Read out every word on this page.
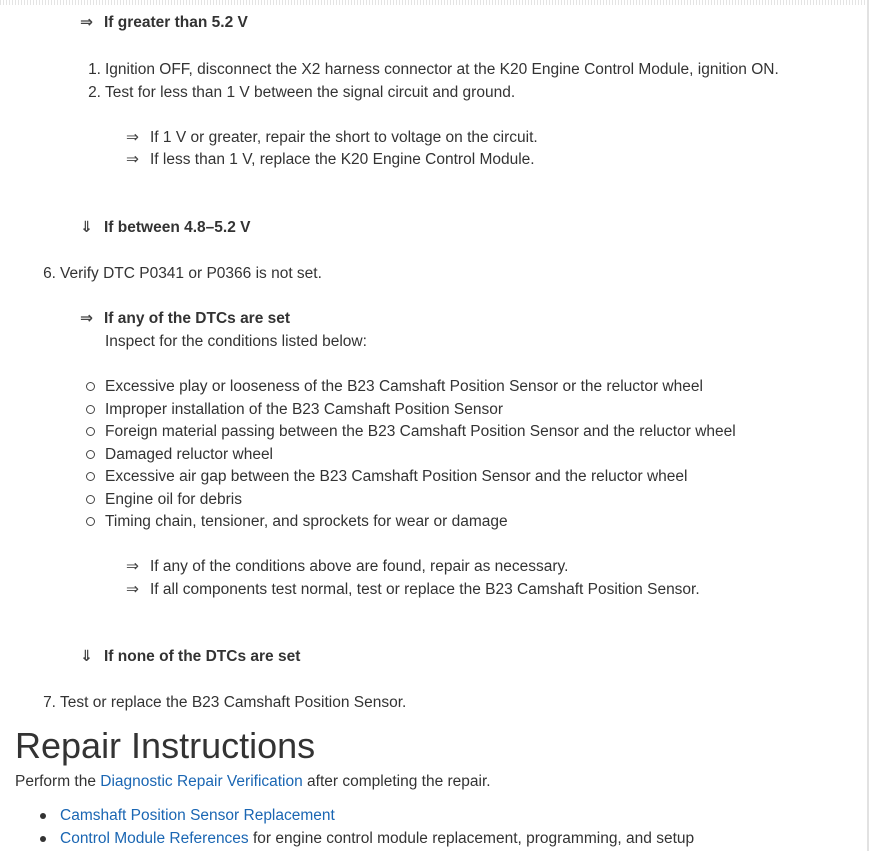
⇒ If greater than 5.2 V
1. Ignition OFF, disconnect the X2 harness connector at the K20 Engine Control Module, ignition ON.
2. Test for less than 1 V between the signal circuit and ground.
⇒ If 1 V or greater, repair the short to voltage on the circuit.
⇒ If less than 1 V, replace the K20 Engine Control Module.
⇓ If between 4.8–5.2 V
6. Verify DTC P0341 or P0366 is not set.
⇒ If any of the DTCs are set
Inspect for the conditions listed below:
Excessive play or looseness of the B23 Camshaft Position Sensor or the reluctor wheel
Improper installation of the B23 Camshaft Position Sensor
Foreign material passing between the B23 Camshaft Position Sensor and the reluctor wheel
Damaged reluctor wheel
Excessive air gap between the B23 Camshaft Position Sensor and the reluctor wheel
Engine oil for debris
Timing chain, tensioner, and sprockets for wear or damage
⇒ If any of the conditions above are found, repair as necessary.
⇒ If all components test normal, test or replace the B23 Camshaft Position Sensor.
⇓ If none of the DTCs are set
7. Test or replace the B23 Camshaft Position Sensor.
Repair Instructions
Perform the Diagnostic Repair Verification after completing the repair.
Camshaft Position Sensor Replacement
Control Module References for engine control module replacement, programming, and setup
